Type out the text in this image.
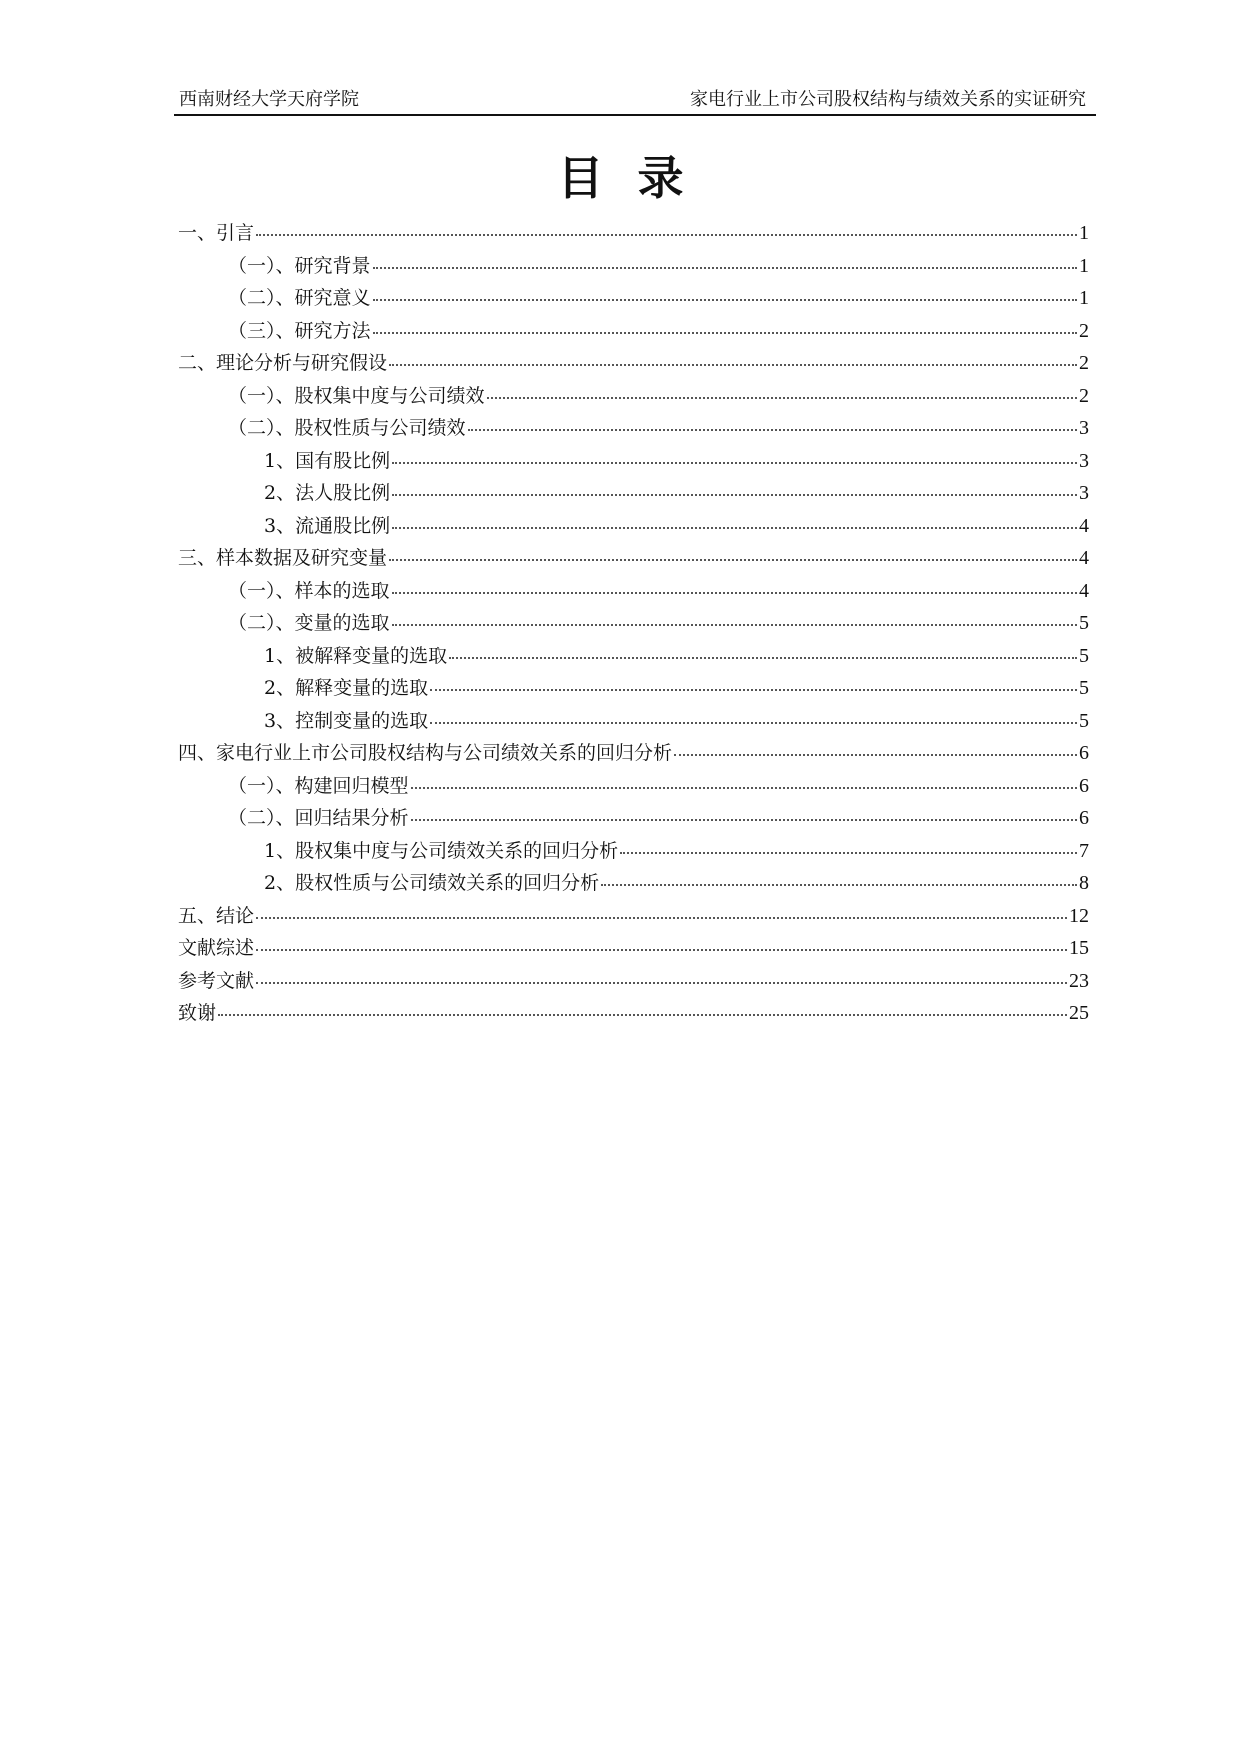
西南财经大学天府学院	家电行业上市公司股权结构与绩效关系的实证研究
目录
一、引言	1
（一）、研究背景	1
（二）、研究意义	1
（三）、研究方法	2
二、理论分析与研究假设	2
（一）、股权集中度与公司绩效	2
（二）、股权性质与公司绩效	3
1、国有股比例	3
2、法人股比例	3
3、流通股比例	4
三、样本数据及研究变量	4
（一）、样本的选取	4
（二）、变量的选取	5
1、被解释变量的选取	5
2、解释变量的选取	5
3、控制变量的选取	5
四、家电行业上市公司股权结构与公司绩效关系的回归分析	6
（一）、构建回归模型	6
（二）、回归结果分析	6
1、股权集中度与公司绩效关系的回归分析	7
2、股权性质与公司绩效关系的回归分析	8
五、结论	12
文献综述	15
参考文献	23
致谢	25
